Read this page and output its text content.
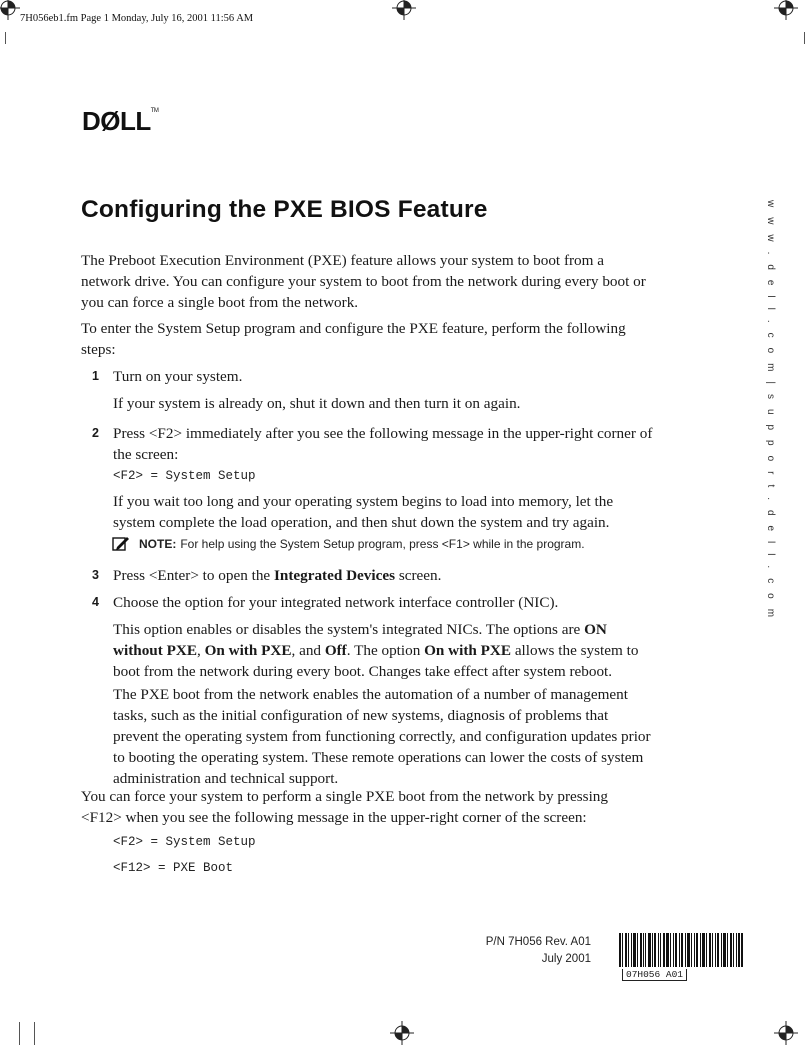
7H056eb1.fm Page 1 Monday, July 16, 2001 11:56 AM
DØLL™
Configuring the PXE BIOS Feature	w w w . d e l l . c o m | s u p p o r t . d e l l . c o m
The Preboot Execution Environment (PXE) feature allows your system to boot from a network drive. You can configure your system to boot from the network during every boot or you can force a single boot from the network.
To enter the System Setup program and configure the PXE feature, perform the following steps:
1 Turn on your system.
If your system is already on, shut it down and then turn it on again.
2 Press <F2> immediately after you see the following message in the upper-right corner of the screen:
<F2> = System Setup
If you wait too long and your operating system begins to load into memory, let the system complete the load operation, and then shut down the system and try again.
NOTE: For help using the System Setup program, press <F1> while in the program.
3 Press <Enter> to open the Integrated Devices screen.
4 Choose the option for your integrated network interface controller (NIC).
This option enables or disables the system's integrated NICs. The options are ON without PXE, On with PXE, and Off. The option On with PXE allows the system to boot from the network during every boot. Changes take effect after system reboot.
The PXE boot from the network enables the automation of a number of management tasks, such as the initial configuration of new systems, diagnosis of problems that prevent the operating system from functioning correctly, and configuration updates prior to booting the operating system. These remote operations can lower the costs of system administration and technical support.
You can force your system to perform a single PXE boot from the network by pressing <F12> when you see the following message in the upper-right corner of the screen:
<F2> = System Setup
<F12> = PXE Boot
P/N 7H056 Rev. A01
July 2001
07H056 A01
